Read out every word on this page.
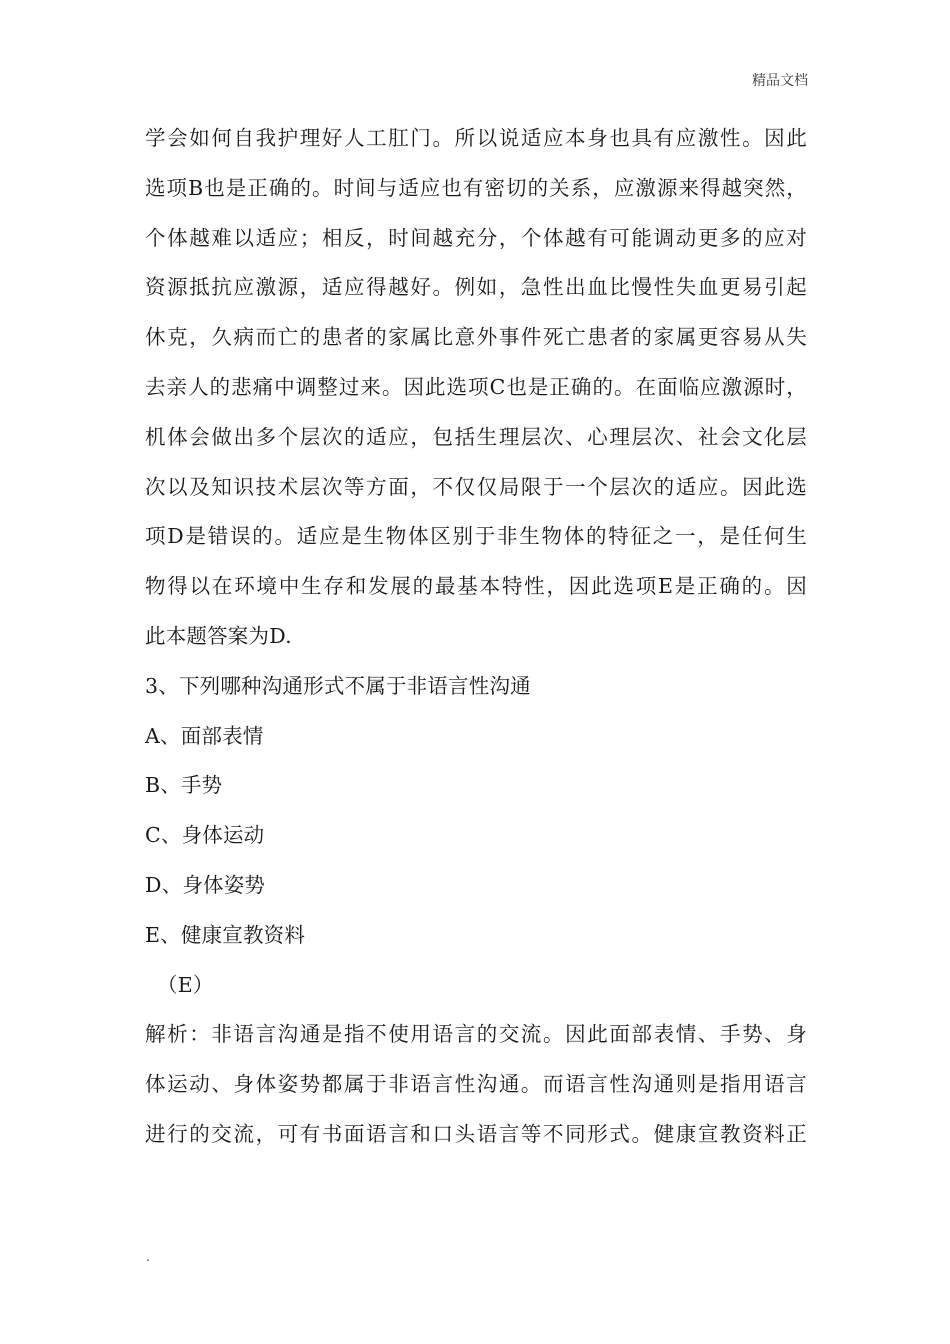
精品文档
学会如何自我护理好人工肛门。所以说适应本身也具有应激性。因此
选项B也是正确的。时间与适应也有密切的关系，应激源来得越突然，
个体越难以适应；相反，时间越充分，个体越有可能调动更多的应对
资源抵抗应激源，适应得越好。例如，急性出血比慢性失血更易引起
休克，久病而亡的患者的家属比意外事件死亡患者的家属更容易从失
去亲人的悲痛中调整过来。因此选项C也是正确的。在面临应激源时，
机体会做出多个层次的适应，包括生理层次、心理层次、社会文化层
次以及知识技术层次等方面，不仅仅局限于一个层次的适应。因此选
项D是错误的。适应是生物体区别于非生物体的特征之一，是任何生
物得以在环境中生存和发展的最基本特性，因此选项E是正确的。因
此本题答案为D.
3、下列哪种沟通形式不属于非语言性沟通
A、面部表情
B、手势
C、身体运动
D、身体姿势
E、健康宣教资料
（E）
解析：非语言沟通是指不使用语言的交流。因此面部表情、手势、身
体运动、身体姿势都属于非语言性沟通。而语言性沟通则是指用语言
进行的交流，可有书面语言和口头语言等不同形式。健康宣教资料正
.
